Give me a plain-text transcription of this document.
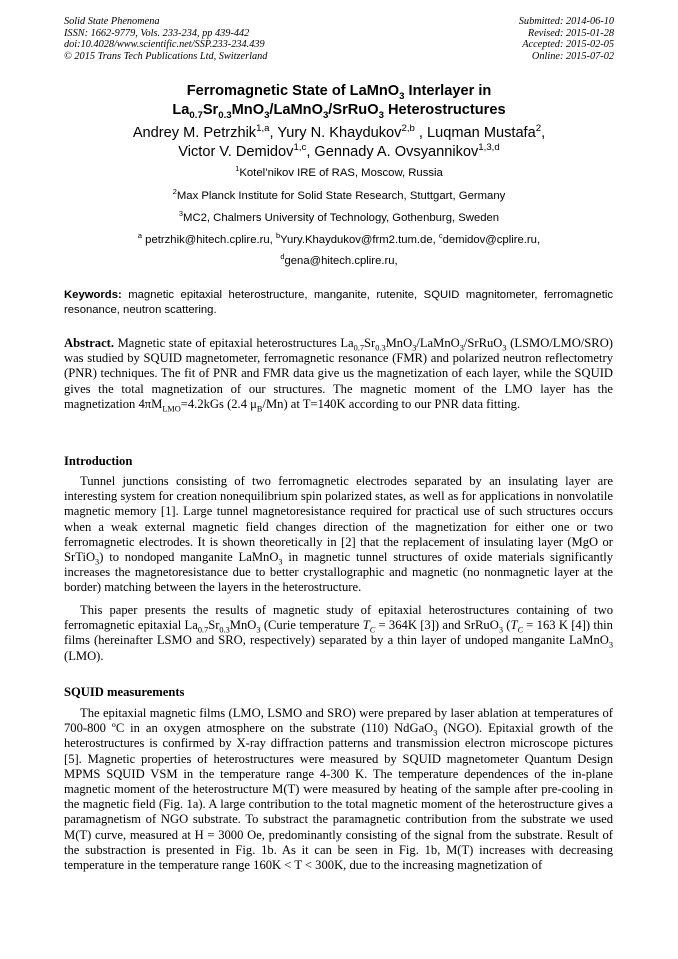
Solid State Phenomena
ISSN: 1662-9779, Vols. 233-234, pp 439-442
doi:10.4028/www.scientific.net/SSP.233-234.439
© 2015 Trans Tech Publications Ltd, Switzerland
Submitted: 2014-06-10
Revised: 2015-01-28
Accepted: 2015-02-05
Online: 2015-07-02
Ferromagnetic State of LaMnO$_3$ Interlayer in
$La_{0.7}Sr_{0.3}MnO_3/LaMnO_3/SrRuO_3$ Heterostructures
Andrey M. Petrzhik$^{1,a}$, Yury N. Khaydukov$^{2,b}$ , Luqman Mustafa$^2$,
Victor V. Demidov$^{1,c}$, Gennady A. Ovsyannikov$^{1,3,d}$
$^1$Kotel’nikov IRE of RAS, Moscow, Russia
$^2$Max Planck Institute for Solid State Research, Stuttgart, Germany
$^3$MC2, Chalmers University of Technology, Gothenburg, Sweden
$^a$ petrzhik@hitech.cplire.ru, $^b$Yury.Khaydukov@frm2.tum.de, $^c$demidov@cplire.ru,
$^d$gena@hitech.cplire.ru,
Keywords: magnetic epitaxial heterostructure, manganite, rutenite, SQUID magnitometer, ferromagnetic resonance, neutron scattering.
Abstract. Magnetic state of epitaxial heterostructures $La_{0.7}Sr_{0.3}MnO_3/LaMnO_3/SrRuO_3$ (LSMO/LMO/SRO) was studied by SQUID magnetometer, ferromagnetic resonance (FMR) and polarized neutron reflectometry (PNR) techniques. The fit of PNR and FMR data give us the magnetization of each layer, while the SQUID gives the total magnetization of our structures. The magnetic moment of the LMO layer has the magnetization $4\pi M_{LMO}=4.2kGs$ (2.4 $\mu_B/Mn$) at T=140K according to our PNR data fitting.
Introduction
Tunnel junctions consisting of two ferromagnetic electrodes separated by an insulating layer are interesting system for creation nonequilibrium spin polarized states, as well as for applications in nonvolatile magnetic memory [1]. Large tunnel magnetoresistance required for practical use of such structures occurs when a weak external magnetic field changes direction of the magnetization for either one or two ferromagnetic electrodes. It is shown theoretically in [2] that the replacement of insulating layer (MgO or SrTiO$_3$) to nondoped manganite LaMnO$_3$ in magnetic tunnel structures of oxide materials significantly increases the magnetoresistance due to better crystallographic and magnetic (no nonmagnetic layer at the border) matching between the layers in the heterostructure.
This paper presents the results of magnetic study of epitaxial heterostructures containing of two ferromagnetic epitaxial $La_{0.7}Sr_{0.3}MnO_3$ (Curie temperature $T_C = 364K$ [3]) and SrRuO$_3$ ($T_C = 163$ K [4]) thin films (hereinafter LSMO and SRO, respectively) separated by a thin layer of undoped manganite LaMnO$_3$ (LMO).
SQUID measurements
The epitaxial magnetic films (LMO, LSMO and SRO) were prepared by laser ablation at temperatures of 700-800 ºC in an oxygen atmosphere on the substrate (110) NdGaO$_3$ (NGO). Epitaxial growth of the heterostructures is confirmed by X-ray diffraction patterns and transmission electron microscope pictures [5]. Magnetic properties of heterostructures were measured by SQUID magnetometer Quantum Design MPMS SQUID VSM in the temperature range 4-300 K. The temperature dependences of the in-plane magnetic moment of the heterostructure M(T) were measured by heating of the sample after pre-cooling in the magnetic field (Fig. 1a). A large contribution to the total magnetic moment of the heterostructure gives a paramagnetism of NGO substrate. To substract the paramagnetic contribution from the substrate we used M(T) curve, measured at H = 3000 Oe, predominantly consisting of the signal from the substrate. Result of the substraction is presented in Fig. 1b. As it can be seen in Fig. 1b, M(T) increases with decreasing temperature in the temperature range 160K < T < 300K, due to the increasing magnetization of
